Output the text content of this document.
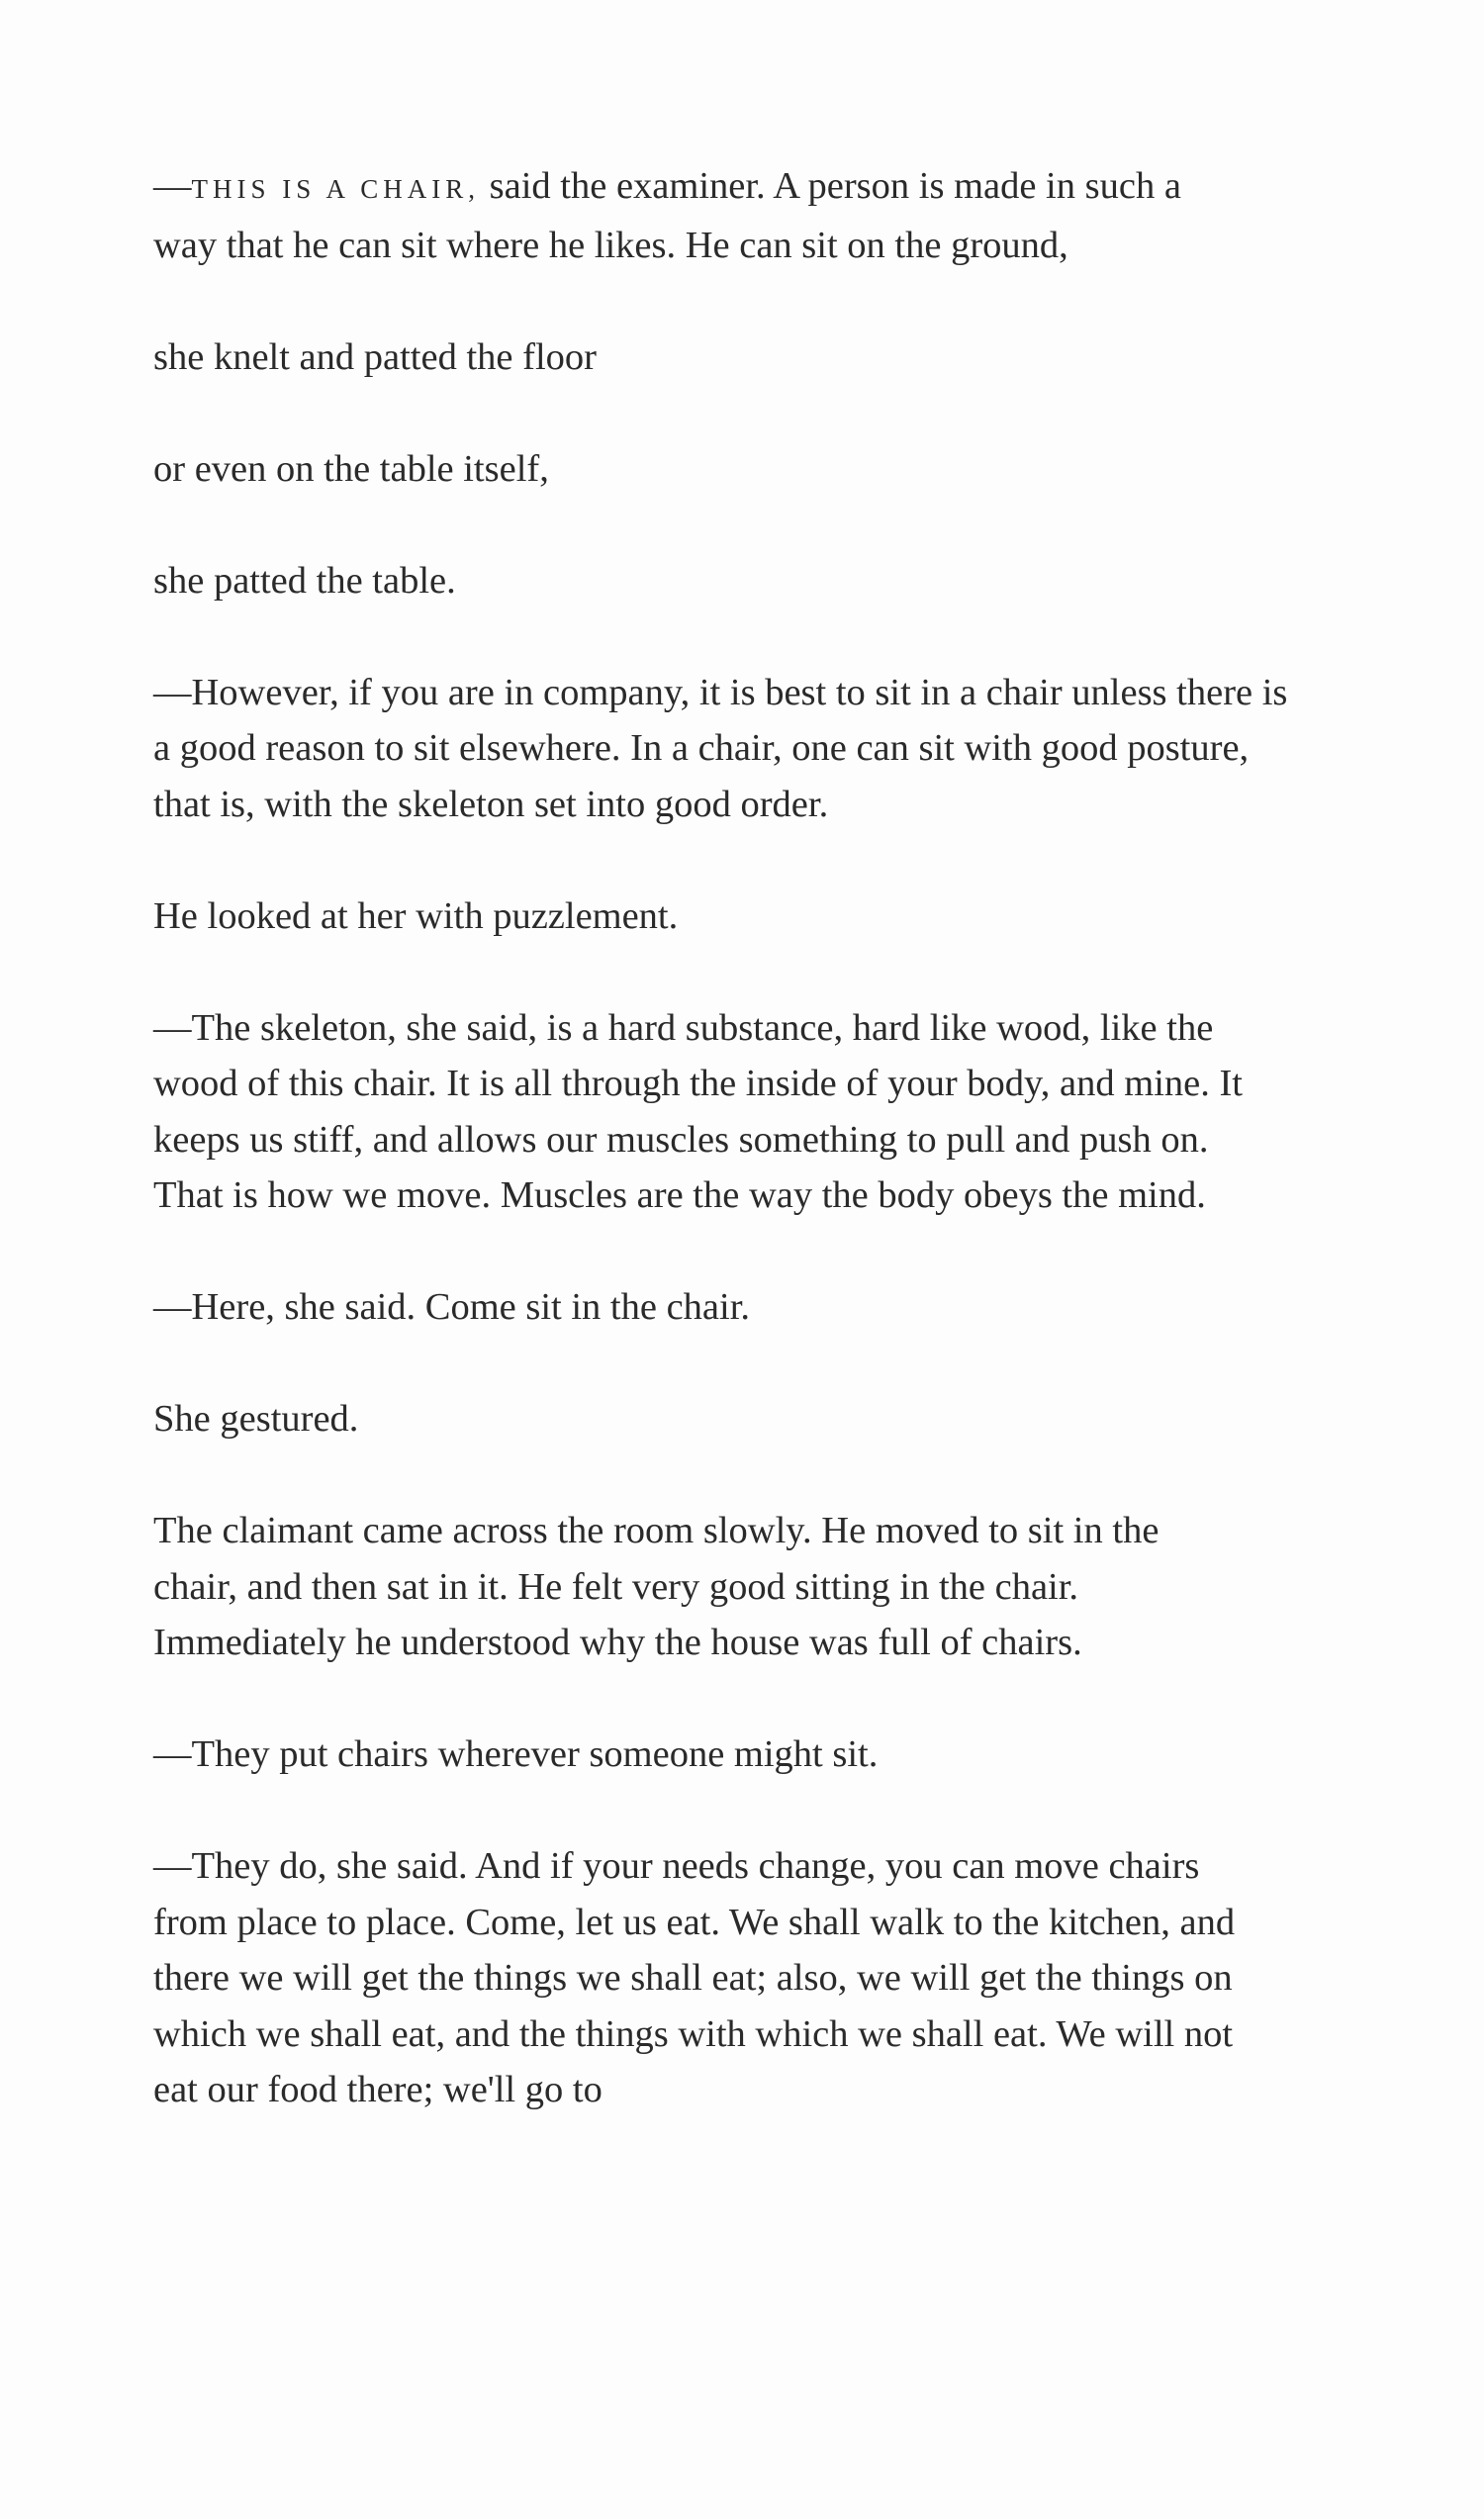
—THIS IS A CHAIR, said the examiner. A person is made in such a way that he can sit where he likes. He can sit on the ground,

she knelt and patted the floor

or even on the table itself,

she patted the table.

—However, if you are in company, it is best to sit in a chair unless there is a good reason to sit elsewhere. In a chair, one can sit with good posture, that is, with the skeleton set into good order.

He looked at her with puzzlement.

—The skeleton, she said, is a hard substance, hard like wood, like the wood of this chair. It is all through the inside of your body, and mine. It keeps us stiff, and allows our muscles something to pull and push on. That is how we move. Muscles are the way the body obeys the mind.

—Here, she said. Come sit in the chair.

She gestured.

The claimant came across the room slowly. He moved to sit in the chair, and then sat in it. He felt very good sitting in the chair. Immediately he understood why the house was full of chairs.

—They put chairs wherever someone might sit.

—They do, she said. And if your needs change, you can move chairs from place to place. Come, let us eat. We shall walk to the kitchen, and there we will get the things we shall eat; also, we will get the things on which we shall eat, and the things with which we shall eat. We will not eat our food there; we'll go to
